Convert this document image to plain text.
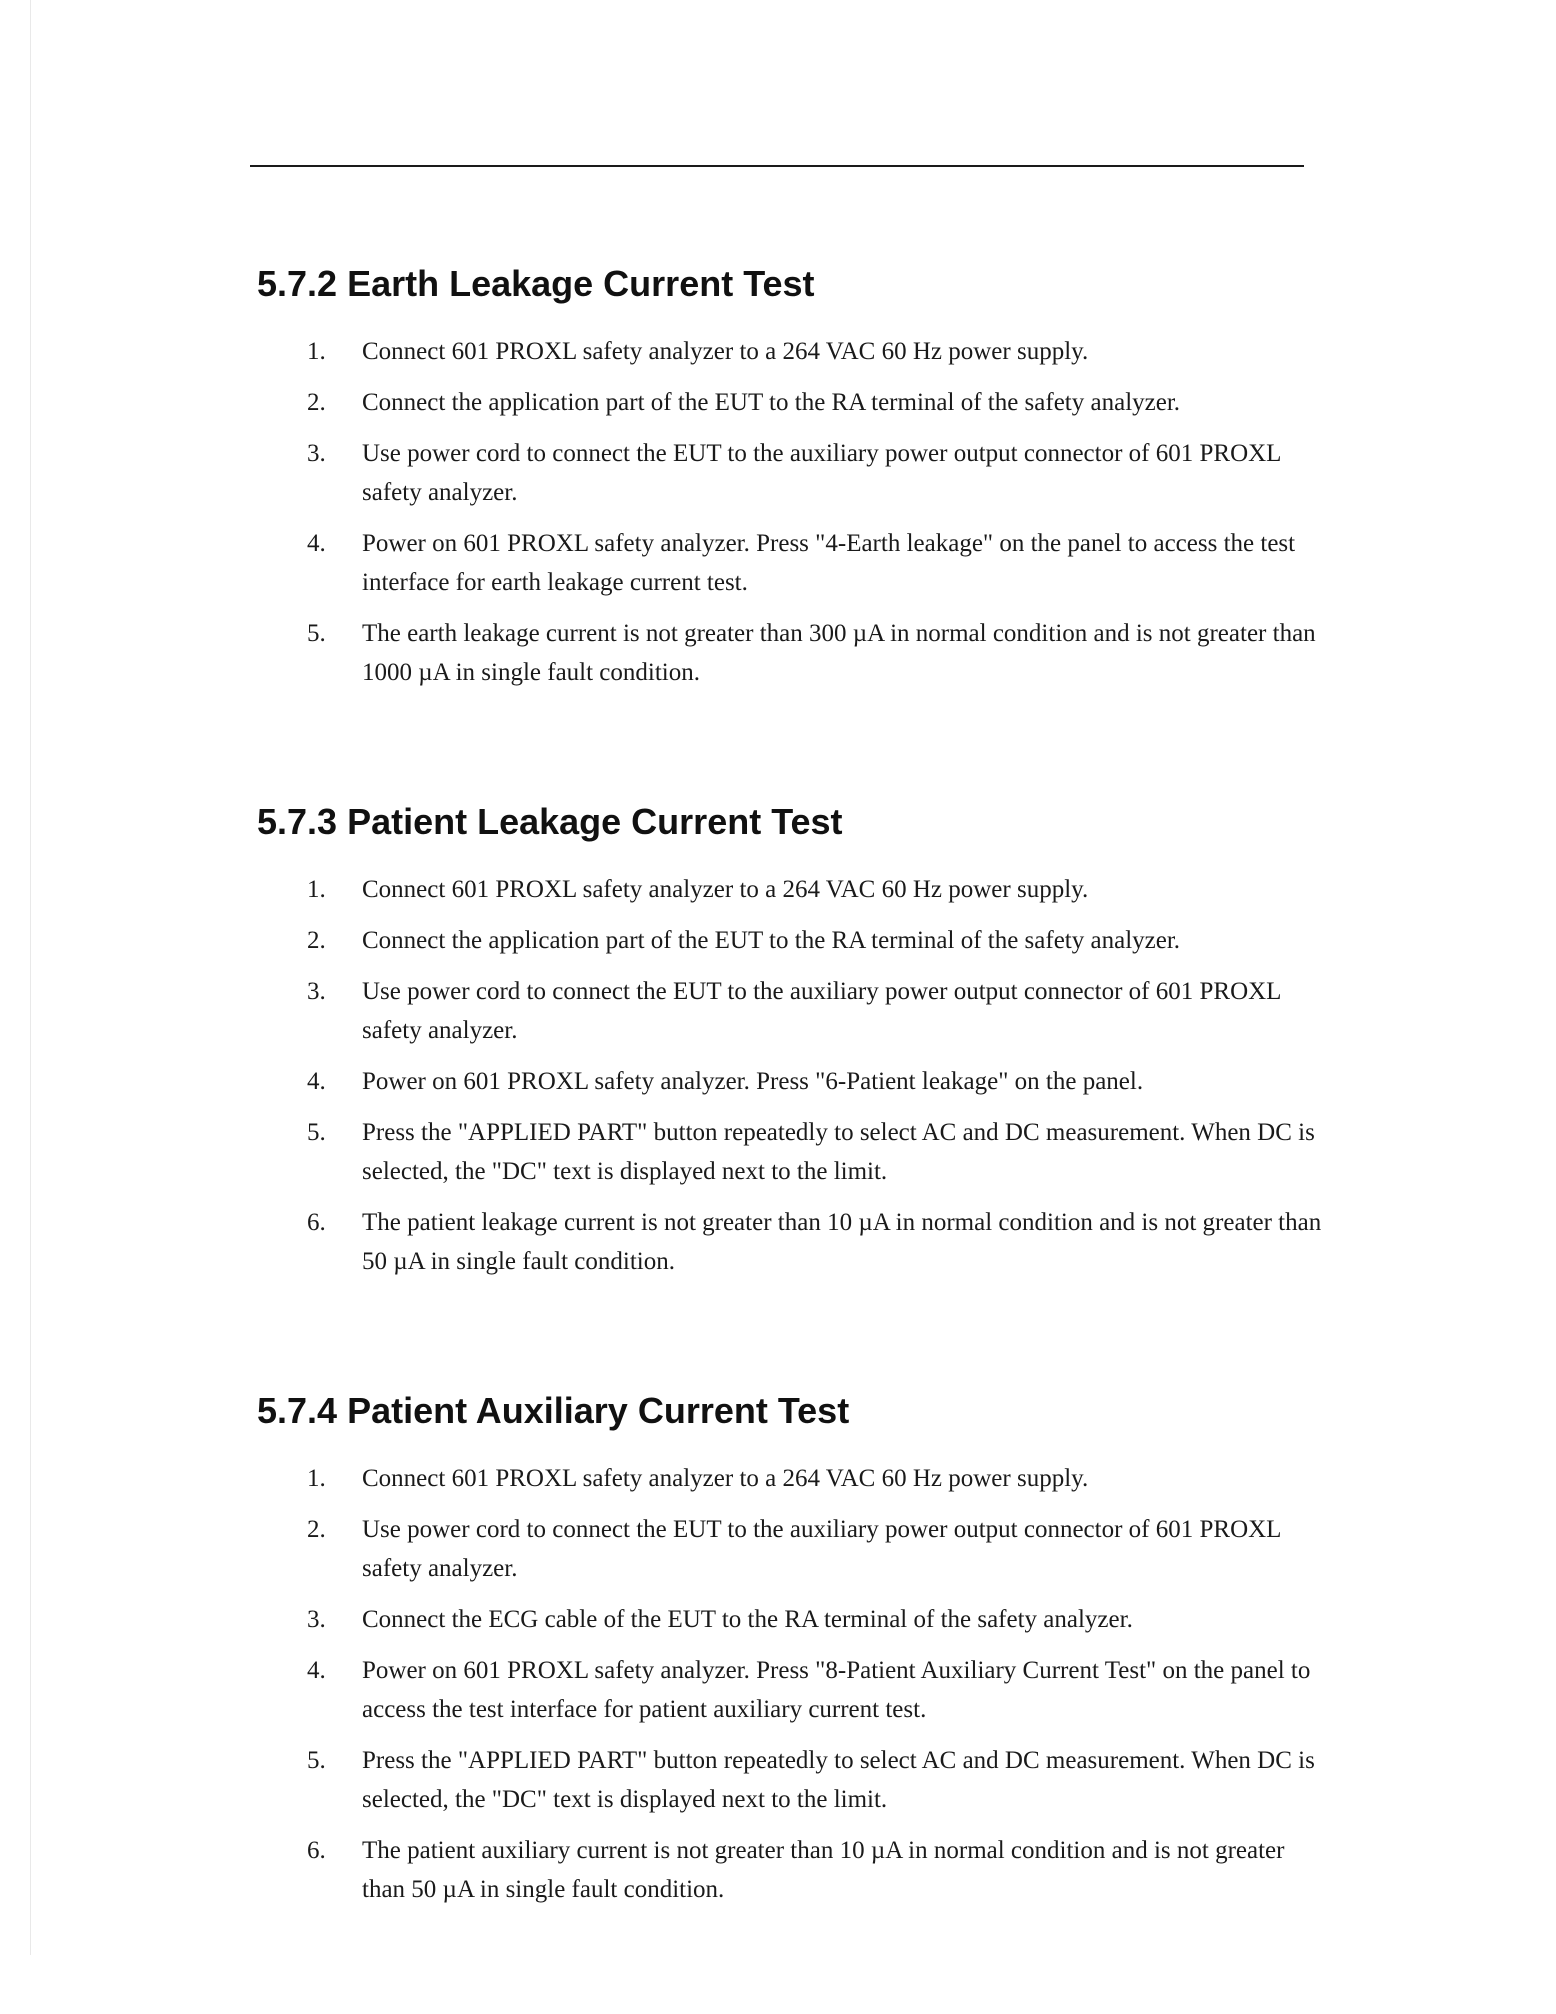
5.7.2 Earth Leakage Current Test
1. Connect 601 PROXL safety analyzer to a 264 VAC 60 Hz power supply.
2. Connect the application part of the EUT to the RA terminal of the safety analyzer.
3. Use power cord to connect the EUT to the auxiliary power output connector of 601 PROXL safety analyzer.
4. Power on 601 PROXL safety analyzer. Press "4-Earth leakage" on the panel to access the test interface for earth leakage current test.
5. The earth leakage current is not greater than 300 µA in normal condition and is not greater than 1000 µA in single fault condition.
5.7.3 Patient Leakage Current Test
1. Connect 601 PROXL safety analyzer to a 264 VAC 60 Hz power supply.
2. Connect the application part of the EUT to the RA terminal of the safety analyzer.
3. Use power cord to connect the EUT to the auxiliary power output connector of 601 PROXL safety analyzer.
4. Power on 601 PROXL safety analyzer. Press "6-Patient leakage" on the panel.
5. Press the "APPLIED PART" button repeatedly to select AC and DC measurement. When DC is selected, the "DC" text is displayed next to the limit.
6. The patient leakage current is not greater than 10 µA in normal condition and is not greater than 50 µA in single fault condition.
5.7.4 Patient Auxiliary Current Test
1. Connect 601 PROXL safety analyzer to a 264 VAC 60 Hz power supply.
2. Use power cord to connect the EUT to the auxiliary power output connector of 601 PROXL safety analyzer.
3. Connect the ECG cable of the EUT to the RA terminal of the safety analyzer.
4. Power on 601 PROXL safety analyzer. Press "8-Patient Auxiliary Current Test" on the panel to access the test interface for patient auxiliary current test.
5. Press the "APPLIED PART" button repeatedly to select AC and DC measurement. When DC is selected, the "DC" text is displayed next to the limit.
6. The patient auxiliary current is not greater than 10 µA in normal condition and is not greater than 50 µA in single fault condition.
